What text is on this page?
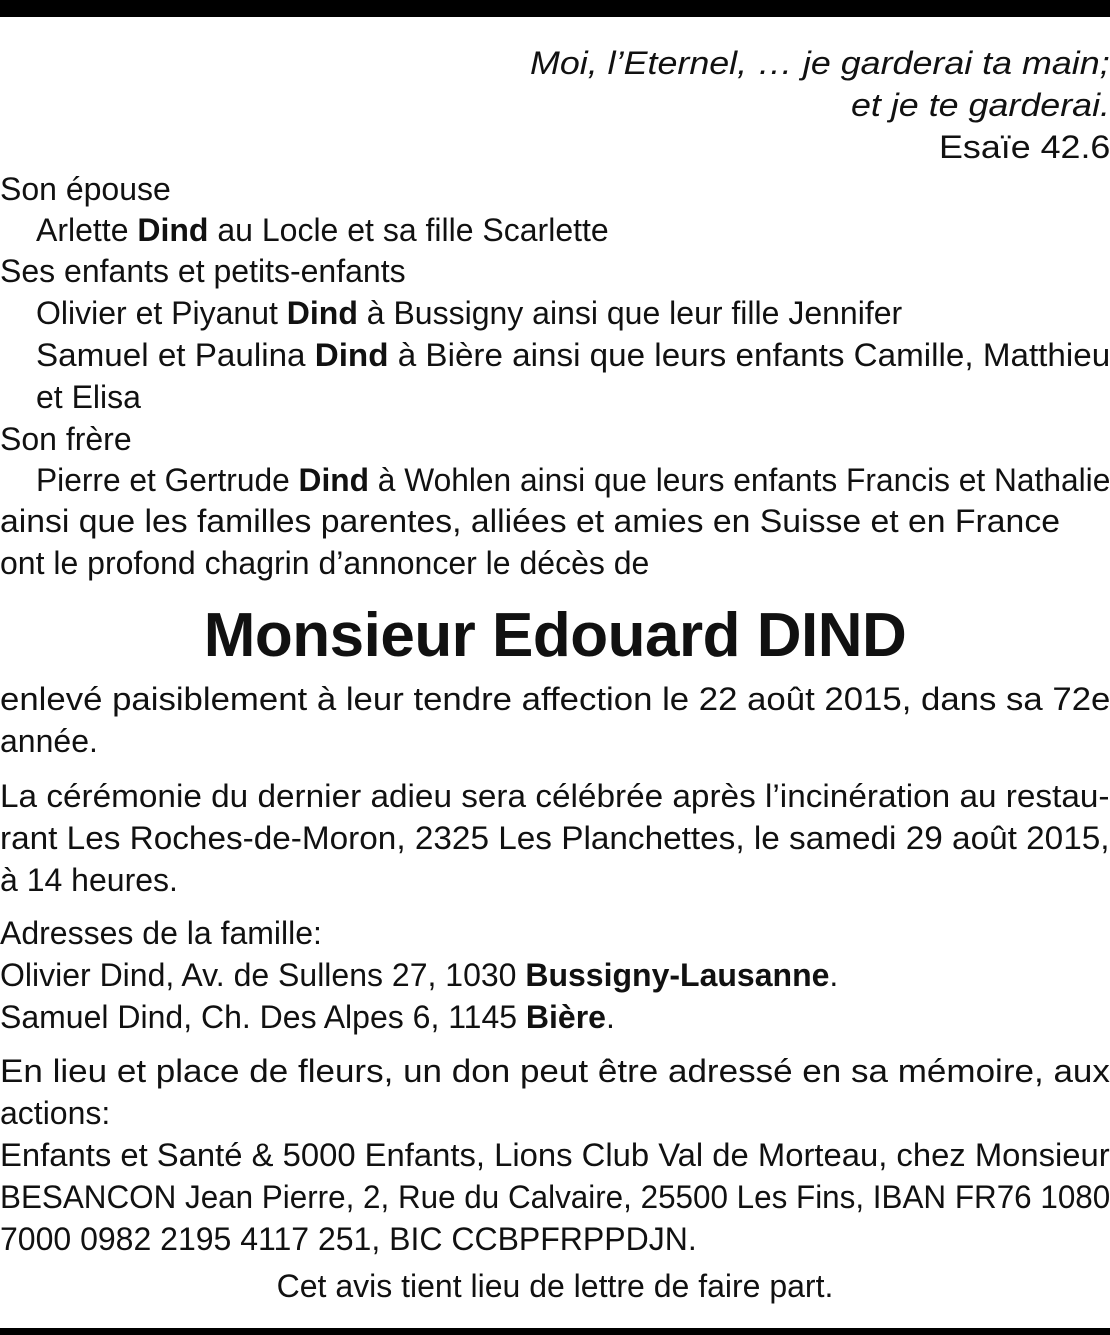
Moi, l’Eternel, … je garderai ta main;
et je te garderai.
Esaïe 42.6
Son épouse
Arlette Dind au Locle et sa fille Scarlette
Ses enfants et petits-enfants
Olivier et Piyanut Dind à Bussigny ainsi que leur fille Jennifer
Samuel et Paulina Dind à Bière ainsi que leurs enfants Camille, Matthieu
et Elisa
Son frère
Pierre et Gertrude Dind à Wohlen ainsi que leurs enfants Francis et Nathalie
ainsi que les familles parentes, alliées et amies en Suisse et en France
ont le profond chagrin d’annoncer le décès de
Monsieur Edouard DIND
enlevé paisiblement à leur tendre affection le 22 août 2015, dans sa 72e
année.
La cérémonie du dernier adieu sera célébrée après l’incinération au restau-
rant Les Roches-de-Moron, 2325 Les Planchettes, le samedi 29 août 2015,
à 14 heures.
Adresses de la famille:
Olivier Dind, Av. de Sullens 27, 1030 Bussigny-Lausanne.
Samuel Dind, Ch. Des Alpes 6, 1145 Bière.
En lieu et place de fleurs, un don peut être adressé en sa mémoire, aux
actions:
Enfants et Santé & 5000 Enfants, Lions Club Val de Morteau, chez Monsieur
BESANCON Jean Pierre, 2, Rue du Calvaire, 25500 Les Fins, IBAN FR76 1080
7000 0982 2195 4117 251, BIC CCBPFRPPDJN.
Cet avis tient lieu de lettre de faire part.
